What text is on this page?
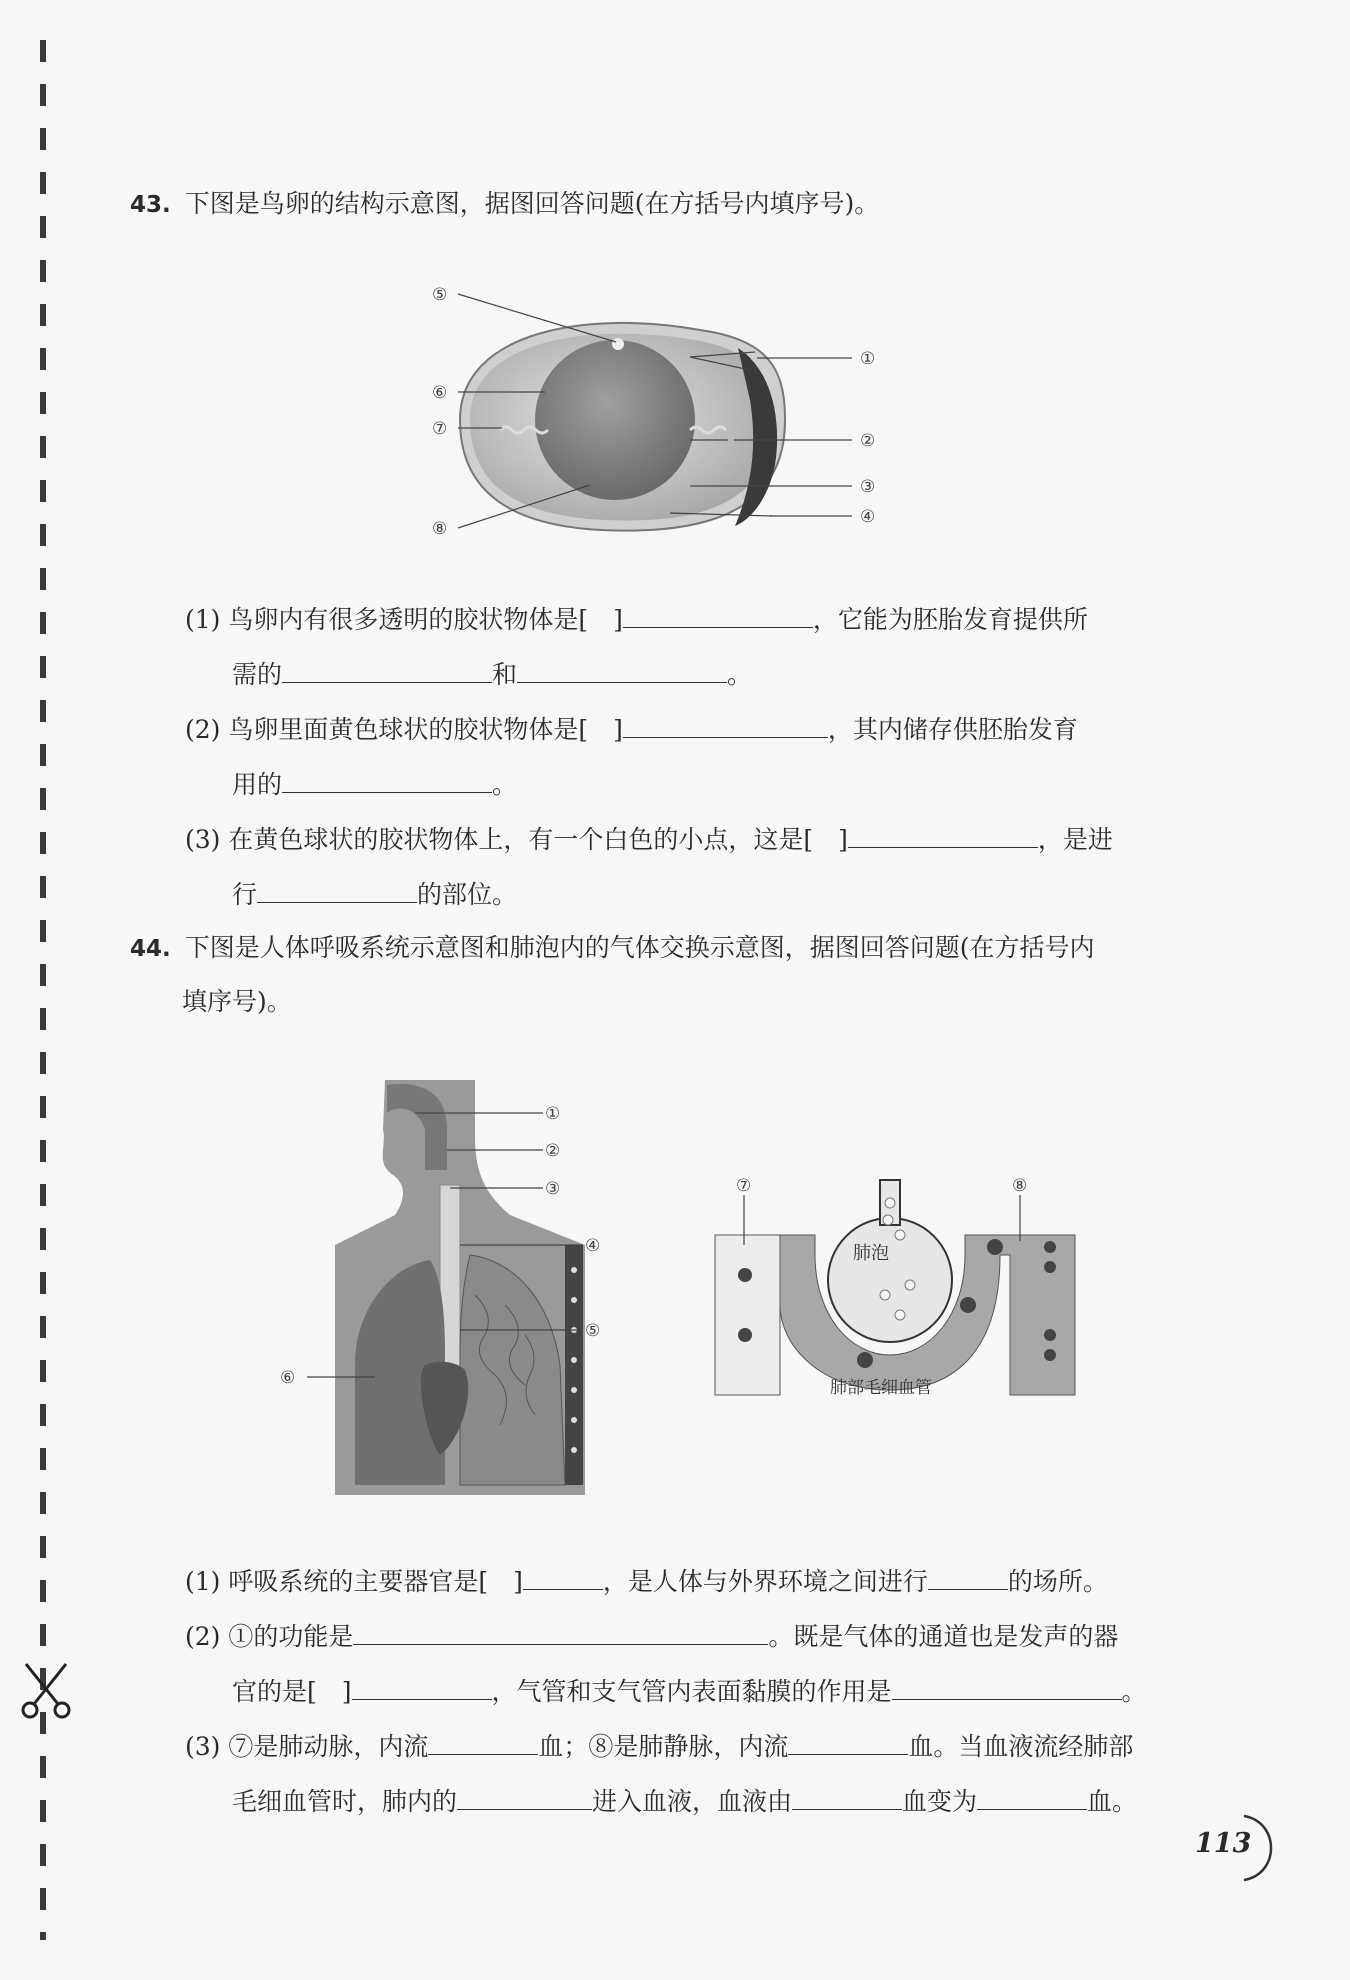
43. 下图是鸟卵的结构示意图，据图回答问题(在方括号内填序号)。
⑤
⑥
⑦
⑧
①
②
③
④
(1) 鸟卵内有很多透明的胶状物体是[　]	，它能为胚胎发育提供所
需的	和	。
(2) 鸟卵里面黄色球状的胶状物体是[　]	，其内储存供胚胎发育
用的	。
(3) 在黄色球状的胶状物体上，有一个白色的小点，这是[　]	，是进
行	的部位。
44. 下图是人体呼吸系统示意图和肺泡内的气体交换示意图，据图回答问题(在方括号内
填序号)。
①
②
③
④
⑤
⑥
⑦	⑧
肺泡
肺部毛细血管
(1) 呼吸系统的主要器官是[　]	，是人体与外界环境之间进行	的场所。
(2) ①的功能是	。既是气体的通道也是发声的器
官的是[　]	，气管和支气管内表面黏膜的作用是	。
(3) ⑦是肺动脉，内流	血；⑧是肺静脉，内流	血。当血液流经肺部
毛细血管时，肺内的	进入血液，血液由	血变为	血。
113
